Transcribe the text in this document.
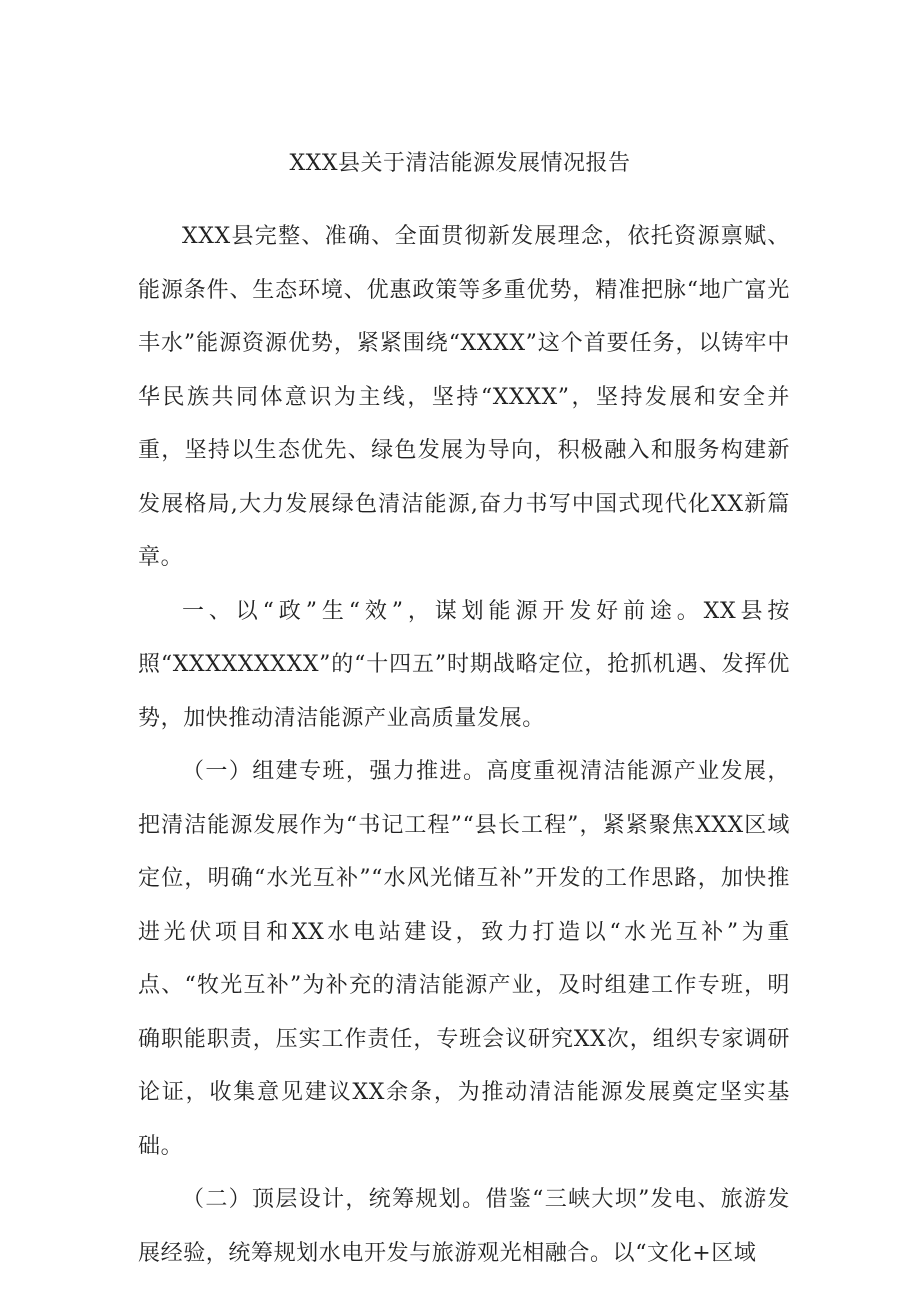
XXX县关于清洁能源发展情况报告

XXX县完整、准确、全面贯彻新发展理念，依托资源禀赋、能源条件、生态环境、优惠政策等多重优势，精准把脉“地广富光丰水”能源资源优势，紧紧围绕“XXXX”这个首要任务，以铸牢中华民族共同体意识为主线，坚持“XXXX”，坚持发展和安全并重，坚持以生态优先、绿色发展为导向，积极融入和服务构建新发展格局,大力发展绿色清洁能源,奋力书写中国式现代化XX新篇章。

一、以“政”生“效”，谋划能源开发好前途。XX县按照“XXXXXXXXX”的“十四五”时期战略定位，抢抓机遇、发挥优势，加快推动清洁能源产业高质量发展。

（一）组建专班，强力推进。高度重视清洁能源产业发展，把清洁能源发展作为“书记工程”“县长工程”，紧紧聚焦XXX区域定位，明确“水光互补”“水风光储互补”开发的工作思路，加快推进光伏项目和XX水电站建设，致力打造以“水光互补”为重点、“牧光互补”为补充的清洁能源产业，及时组建工作专班，明确职能职责，压实工作责任，专班会议研究XX次，组织专家调研论证，收集意见建议XX余条，为推动清洁能源发展奠定坚实基础。

（二）顶层设计，统筹规划。借鉴“三峡大坝”发电、旅游发展经验，统筹规划水电开发与旅游观光相融合。以“文化+区域
